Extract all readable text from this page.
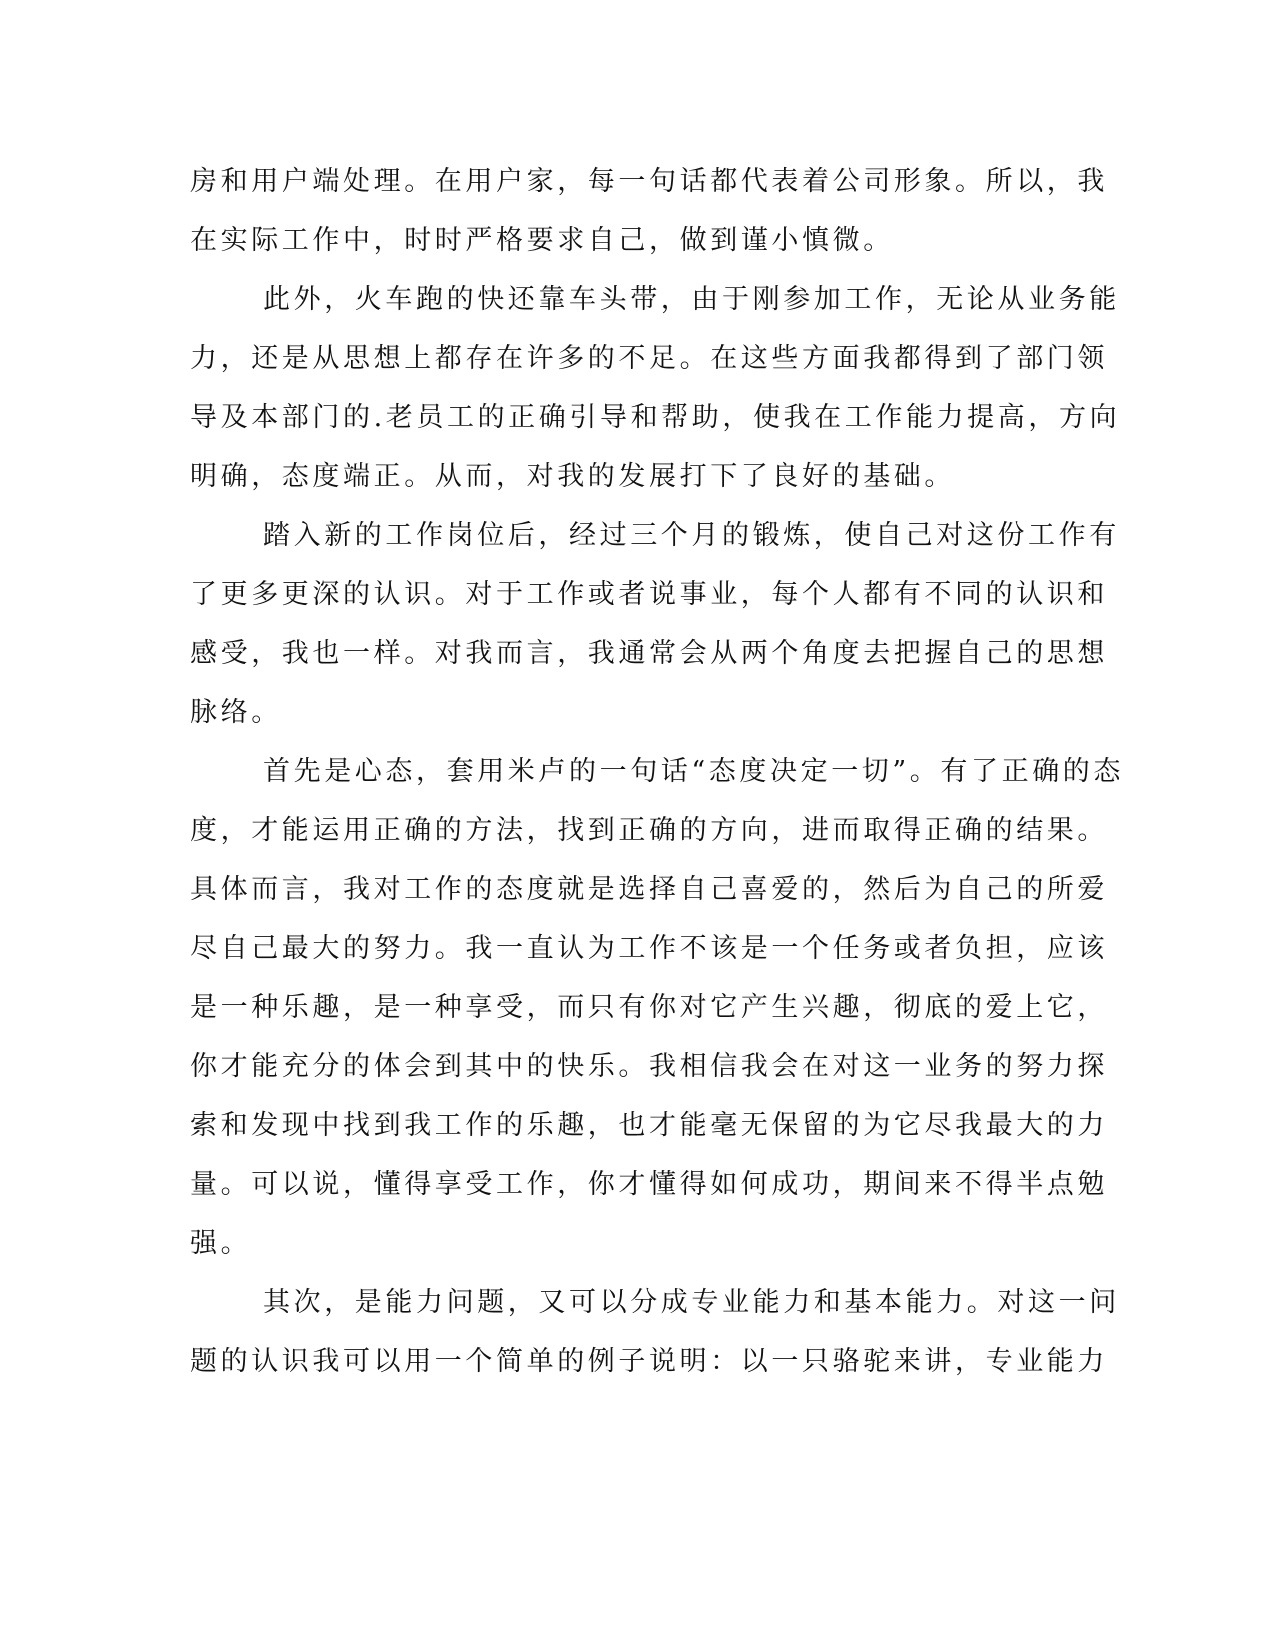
房和用户端处理。在用户家，每一句话都代表着公司形象。所以，我
在实际工作中，时时严格要求自己，做到谨小慎微。
此外，火车跑的快还靠车头带，由于刚参加工作，无论从业务能
力，还是从思想上都存在许多的不足。在这些方面我都得到了部门领
导及本部门的.老员工的正确引导和帮助，使我在工作能力提高，方向
明确，态度端正。从而，对我的发展打下了良好的基础。
踏入新的工作岗位后，经过三个月的锻炼，使自己对这份工作有
了更多更深的认识。对于工作或者说事业，每个人都有不同的认识和
感受，我也一样。对我而言，我通常会从两个角度去把握自己的思想
脉络。
首先是心态，套用米卢的一句话“态度决定一切”。有了正确的态
度，才能运用正确的方法，找到正确的方向，进而取得正确的结果。
具体而言，我对工作的态度就是选择自己喜爱的，然后为自己的所爱
尽自己最大的努力。我一直认为工作不该是一个任务或者负担，应该
是一种乐趣，是一种享受，而只有你对它产生兴趣，彻底的爱上它，
你才能充分的体会到其中的快乐。我相信我会在对这一业务的努力探
索和发现中找到我工作的乐趣，也才能毫无保留的为它尽我最大的力
量。可以说，懂得享受工作，你才懂得如何成功，期间来不得半点勉
强。
其次，是能力问题，又可以分成专业能力和基本能力。对这一问
题的认识我可以用一个简单的例子说明：以一只骆驼来讲，专业能力
